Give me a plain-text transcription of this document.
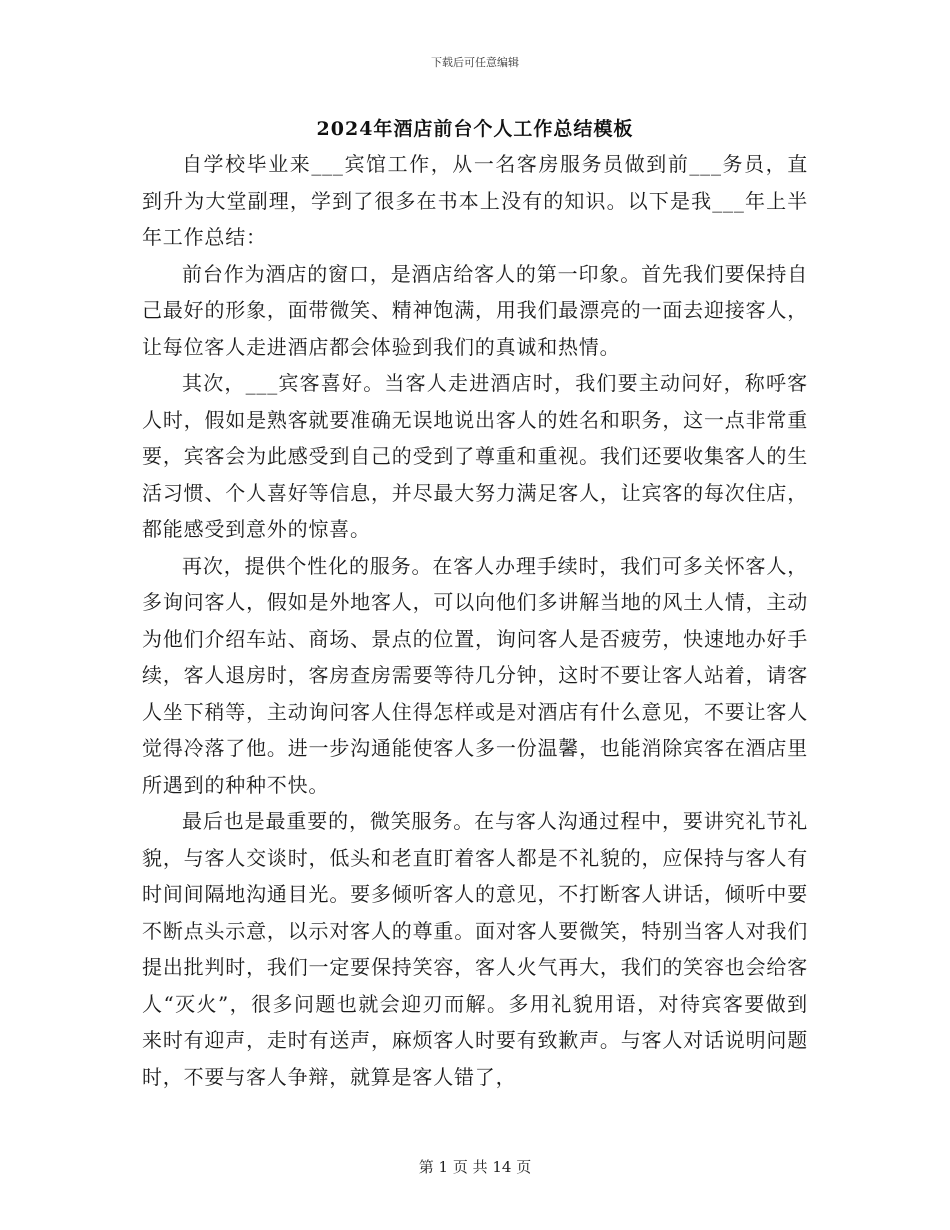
下载后可任意编辑
2024年酒店前台个人工作总结模板

自学校毕业来___宾馆工作，从一名客房服务员做到前___务员，直到升为大堂副理，学到了很多在书本上没有的知识。以下是我___年上半年工作总结：

前台作为酒店的窗口，是酒店给客人的第一印象。首先我们要保持自己最好的形象，面带微笑、精神饱满，用我们最漂亮的一面去迎接客人，让每位客人走进酒店都会体验到我们的真诚和热情。

其次，___宾客喜好。当客人走进酒店时，我们要主动问好，称呼客人时，假如是熟客就要准确无误地说出客人的姓名和职务，这一点非常重要，宾客会为此感受到自己的受到了尊重和重视。我们还要收集客人的生活习惯、个人喜好等信息，并尽最大努力满足客人，让宾客的每次住店，都能感受到意外的惊喜。

再次，提供个性化的服务。在客人办理手续时，我们可多关怀客人，多询问客人，假如是外地客人，可以向他们多讲解当地的风土人情，主动为他们介绍车站、商场、景点的位置，询问客人是否疲劳，快速地办好手续，客人退房时，客房查房需要等待几分钟，这时不要让客人站着，请客人坐下稍等，主动询问客人住得怎样或是对酒店有什么意见，不要让客人觉得冷落了他。进一步沟通能使客人多一份温馨，也能消除宾客在酒店里所遇到的种种不快。

最后也是最重要的，微笑服务。在与客人沟通过程中，要讲究礼节礼貌，与客人交谈时，低头和老直盯着客人都是不礼貌的，应保持与客人有时间间隔地沟通目光。要多倾听客人的意见，不打断客人讲话，倾听中要不断点头示意，以示对客人的尊重。面对客人要微笑，特别当客人对我们提出批判时，我们一定要保持笑容，客人火气再大，我们的笑容也会给客人“灭火”，很多问题也就会迎刃而解。多用礼貌用语，对待宾客要做到来时有迎声，走时有送声，麻烦客人时要有致歉声。与客人对话说明问题时，不要与客人争辩，就算是客人错了，

第 1 页 共 14 页
